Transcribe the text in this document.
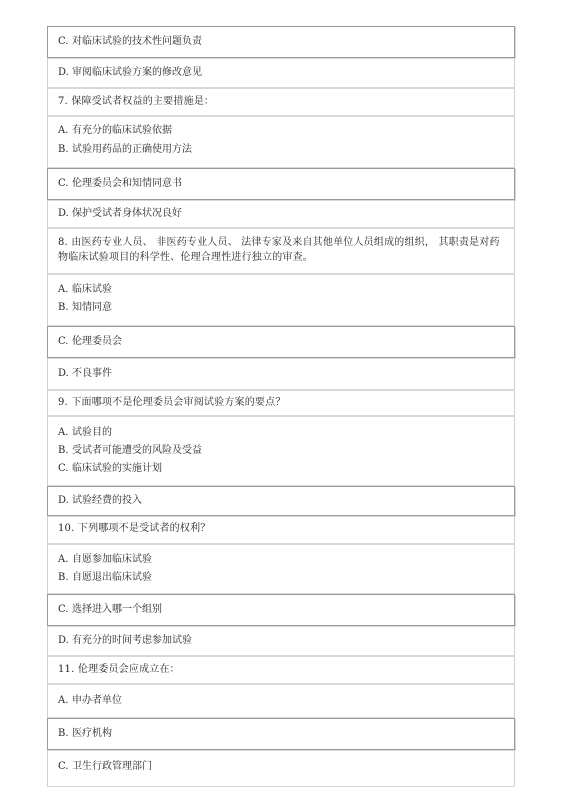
C. 对临床试验的技术性问题负责
D. 审阅临床试验方案的修改意见
7. 保障受试者权益的主要措施是：
A. 有充分的临床试验依据
B. 试验用药品的正确使用方法
C. 伦理委员会和知情同意书
D. 保护受试者身体状况良好
8. 由医药专业人员、 非医药专业人员、 法律专家及来自其他单位人员组成的组织， 其职责是对药物临床试验项目的科学性、伦理合理性进行独立的审查。
A. 临床试验
B. 知情同意
C. 伦理委员会
D. 不良事件
9. 下面哪项不是伦理委员会审阅试验方案的要点？
A. 试验目的
B. 受试者可能遭受的风险及受益
C. 临床试验的实施计划
D. 试验经费的投入
10. 下列哪项不是受试者的权利？
A. 自愿参加临床试验
B. 自愿退出临床试验
C. 选择进入哪一个组别
D. 有充分的时间考虑参加试验
11. 伦理委员会应成立在：
A. 申办者单位
B. 医疗机构
C. 卫生行政管理部门
